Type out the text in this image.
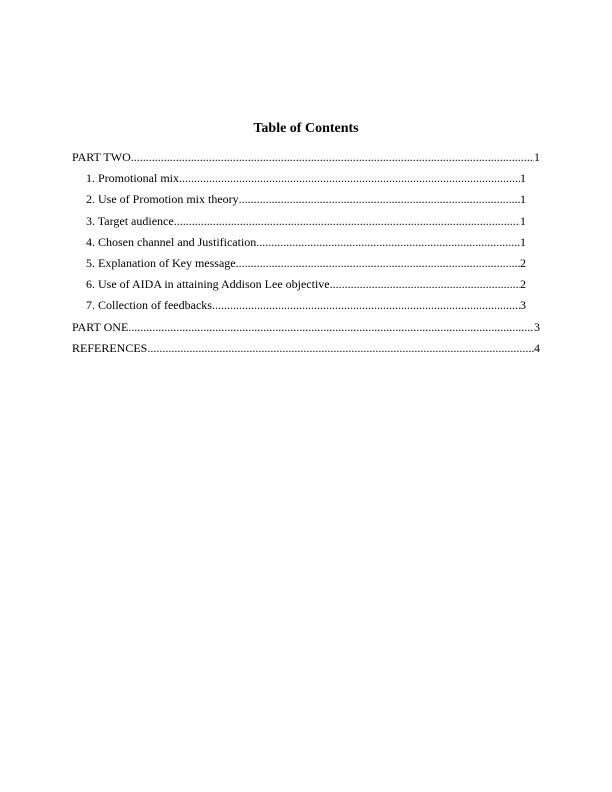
Table of Contents
PART TWO .....	1
1. Promotional mix .....	1
2. Use of Promotion mix theory .....	1
3. Target audience .....	1
4. Chosen channel and Justification .....	1
5. Explanation of Key message .....	2
6. Use of AIDA in attaining Addison Lee objective .....	2
7. Collection of feedbacks .....	3
PART ONE .....	3
REFERENCES .....	4
